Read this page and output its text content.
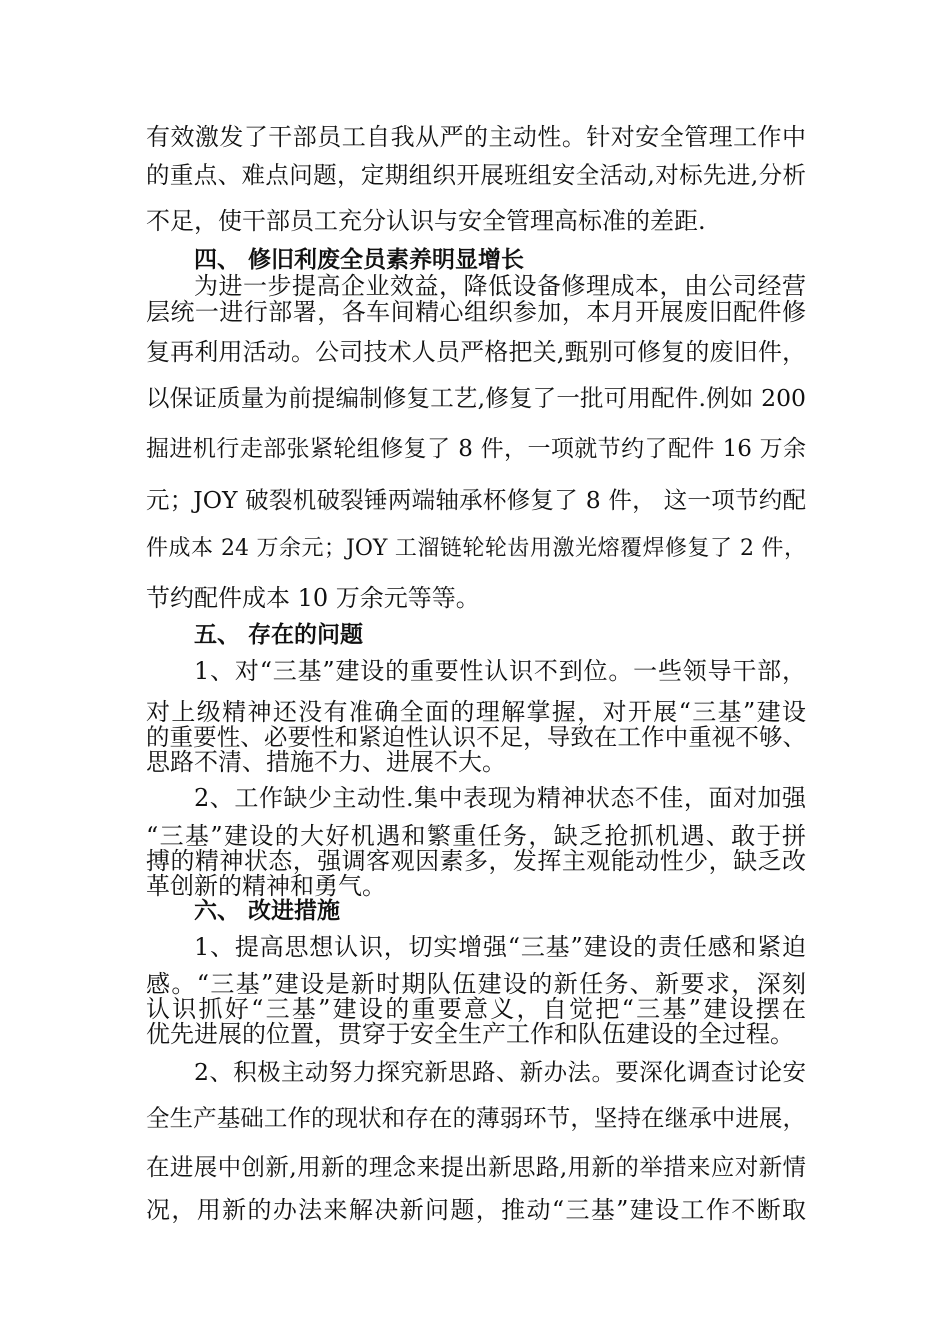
有效激发了干部员工自我从严的主动性。针对安全管理工作中
的重点、难点问题，定期组织开展班组安全活动,对标先进,分析
不足，使干部员工充分认识与安全管理高标准的差距.
四、 修旧利废全员素养明显增长
为进一步提高企业效益，降低设备修理成本，由公司经营
层统一进行部署，各车间精心组织参加，本月开展废旧配件修
复再利用活动。公司技术人员严格把关,甄别可修复的废旧件，
以保证质量为前提编制修复工艺,修复了一批可用配件.例如 200
掘进机行走部张紧轮组修复了 8 件，一项就节约了配件 16 万余
元；JOY 破裂机破裂锤两端轴承杯修复了 8 件， 这一项节约配
件成本 24 万余元；JOY 工溜链轮轮齿用激光熔覆焊修复了 2 件，
节约配件成本 10 万余元等等。
五、 存在的问题
1、对“三基”建设的重要性认识不到位。一些领导干部，
对上级精神还没有准确全面的理解掌握，对开展“三基”建设
的重要性、必要性和紧迫性认识不足，导致在工作中重视不够、
思路不清、措施不力、进展不大。
2、工作缺少主动性.集中表现为精神状态不佳，面对加强
“三基”建设的大好机遇和繁重任务，缺乏抢抓机遇、敢于拼
搏的精神状态，强调客观因素多，发挥主观能动性少，缺乏改
革创新的精神和勇气。
六、 改进措施
1、提高思想认识，切实增强“三基”建设的责任感和紧迫
感。“三基”建设是新时期队伍建设的新任务、新要求，深刻
认识抓好“三基”建设的重要意义，自觉把“三基”建设摆在
优先进展的位置，贯穿于安全生产工作和队伍建设的全过程。
2、积极主动努力探究新思路、新办法。要深化调查讨论安
全生产基础工作的现状和存在的薄弱环节，坚持在继承中进展，
在进展中创新,用新的理念来提出新思路,用新的举措来应对新情
况，用新的办法来解决新问题，推动“三基”建设工作不断取
